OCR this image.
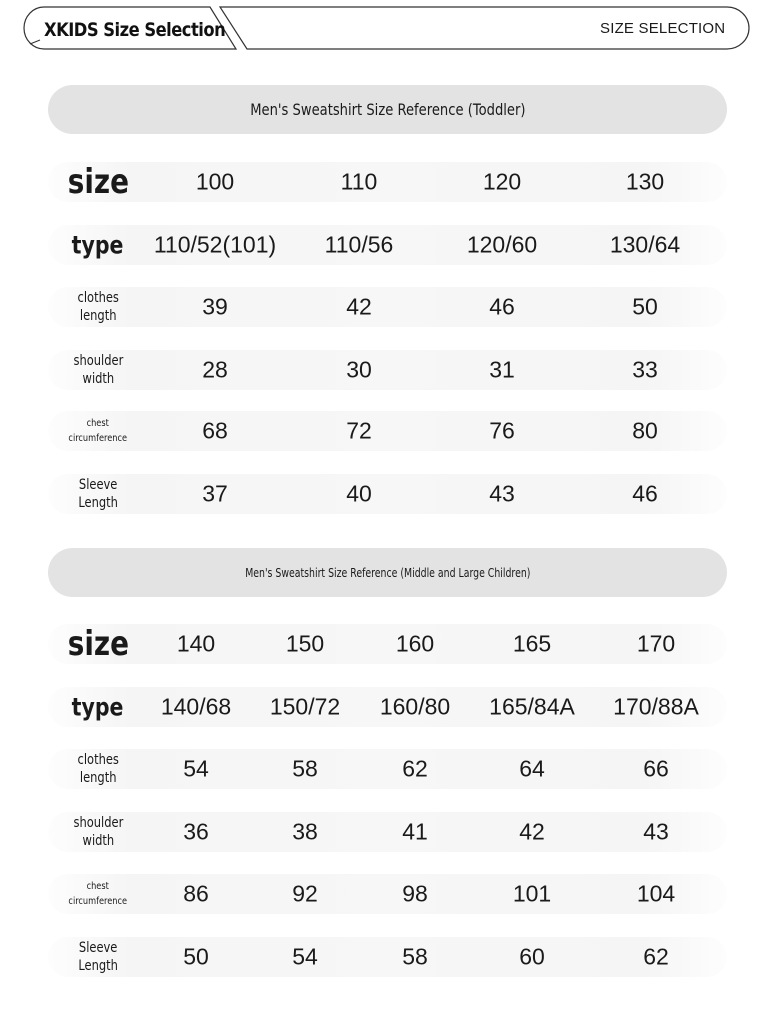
XKIDS Size Selection	SIZE SELECTION
Men's Sweatshirt Size Reference (Toddler)
size	100	110	120	130
type	110/52(101) 110/56	120/60	130/64
clothes
length	39	42	46	50
shoulder
width	28	30	31	33
chest
circumference	68	72	76	80
Sleeve
Length	37	40	43	46
Men's Sweatshirt Size Reference (Middle and Large Children)
size	140	150	160	165	170
type	140/68 150/72 160/80 165/84A 170/88A
clothes
length	54	58	62	64	66
shoulder
width	36	38	41	42	43
chest
circumference	86	92	98	101	104
Sleeve
Length	50	54	58	60	62
